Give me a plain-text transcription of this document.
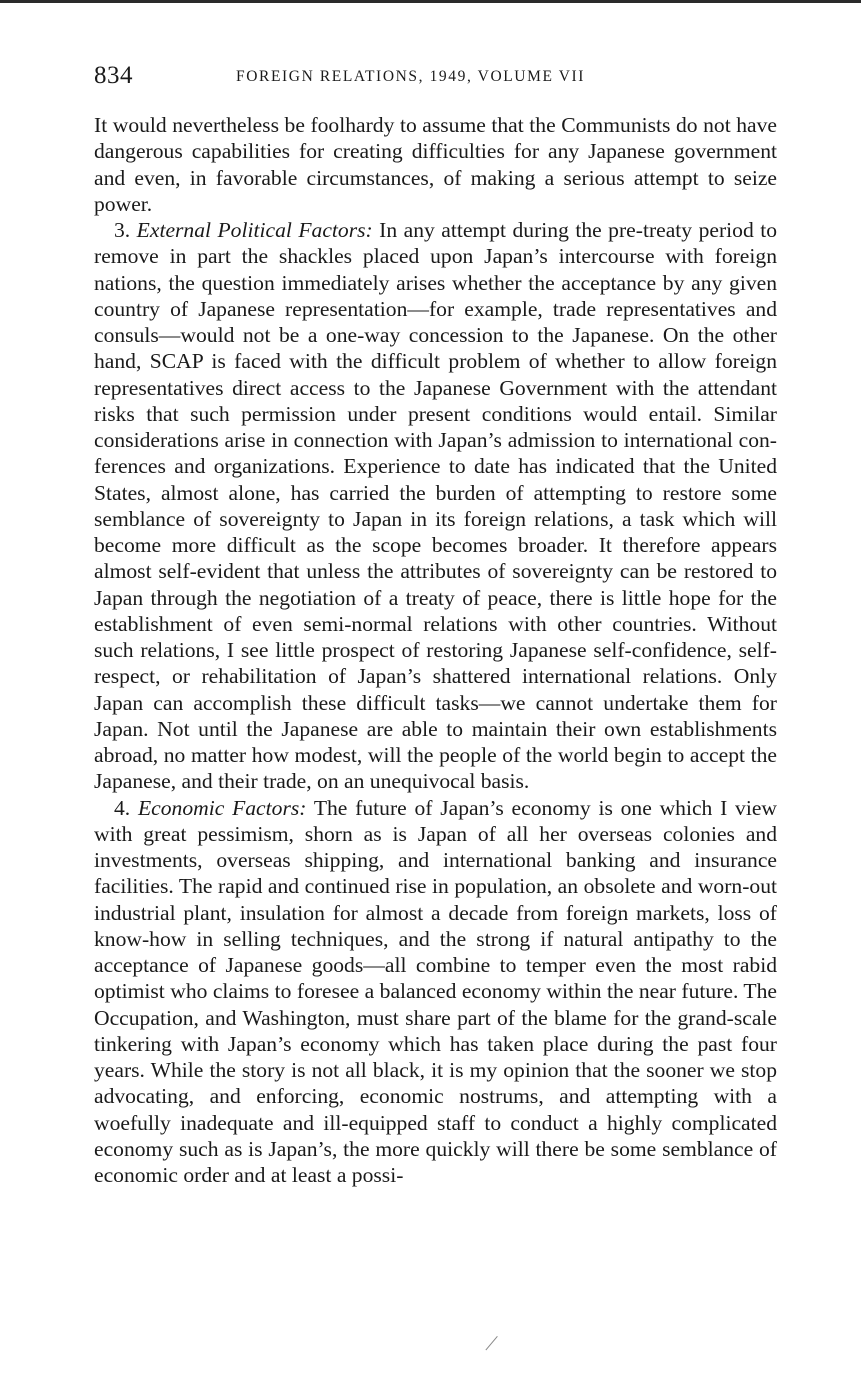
834	FOREIGN RELATIONS, 1949, VOLUME VII

It would nevertheless be foolhardy to assume that the Communists do not have dangerous capabilities for creating difficulties for any Japanese government and even, in favorable circumstances, of making a serious attempt to seize power.

3. External Political Factors: In any attempt during the pre-treaty period to remove in part the shackles placed upon Japan’s intercourse with foreign nations, the question immediately arises whether the acceptance by any given country of Japanese representation—for example, trade representatives and consuls—would not be a one-way concession to the Japanese. On the other hand, SCAP is faced with the difficult problem of whether to allow foreign representatives direct access to the Japanese Government with the attendant risks that such permission under present conditions would entail. Similar considerations arise in connection with Japan’s admission to international conferences and organizations. Experience to date has indicated that the United States, almost alone, has carried the burden of attempting to restore some semblance of sovereignty to Japan in its foreign relations, a task which will become more difficult as the scope becomes broader. It therefore appears almost self-evident that unless the attributes of sovereignty can be restored to Japan through the negotiation of a treaty of peace, there is little hope for the establishment of even semi-normal relations with other countries. Without such relations, I see little prospect of restoring Japanese self-confidence, self-respect, or rehabilitation of Japan’s shattered international relations. Only Japan can accomplish these difficult tasks—we cannot undertake them for Japan. Not until the Japanese are able to maintain their own establishments abroad, no matter how modest, will the people of the world begin to accept the Japanese, and their trade, on an unequivocal basis.

4. Economic Factors: The future of Japan’s economy is one which I view with great pessimism, shorn as is Japan of all her overseas colonies and investments, overseas shipping, and international banking and insurance facilities. The rapid and continued rise in population, an obsolete and worn-out industrial plant, insulation for almost a decade from foreign markets, loss of know-how in selling techniques, and the strong if natural antipathy to the acceptance of Japanese goods—all combine to temper even the most rabid optimist who claims to foresee a balanced economy within the near future. The Occupation, and Washington, must share part of the blame for the grand-scale tinkering with Japan’s economy which has taken place during the past four years. While the story is not all black, it is my opinion that the sooner we stop advocating, and enforcing, economic nostrums, and attempting with a woefully inadequate and ill-equipped staff to conduct a highly complicated economy such as is Japan’s, the more quickly will there be some semblance of economic order and at least a possi-
